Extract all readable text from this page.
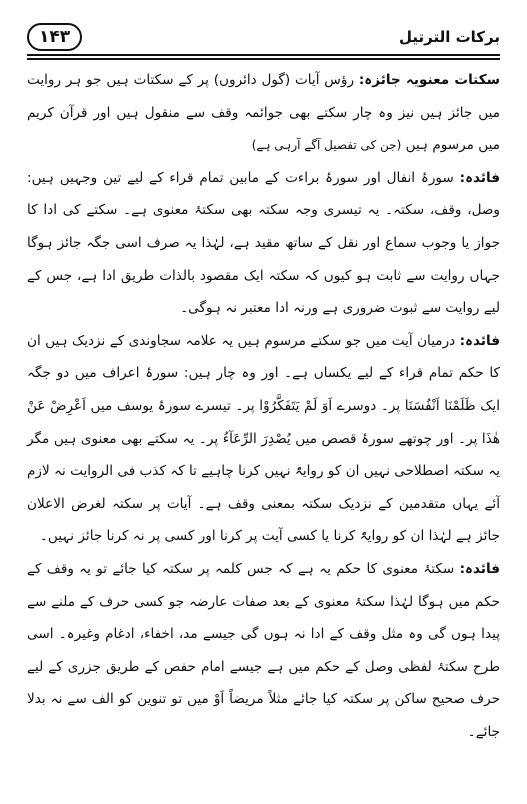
۱۴۳	برکات الترتیل

سکتات معنویہ جائزہ: رؤس آیات (گول دائروں) پر کے سکتات ہیں جو ہر روایت میں جائز ہیں نیز وہ چار سکتے بھی جوائمہ وقف سے منقول ہیں اور قرآن کریم میں مرسوم ہیں (جن کی تفصیل آگے آرہی ہے)

فائدہ: سورۂ انفال اور سورۂ براءت کے مابین تمام قراء کے لیے تین وجہیں ہیں: وصل، وقف، سکتہ۔ یہ تیسری وجہ سکتہ بھی سکتۂ معنوی ہے۔ سکتے کی ادا کا جواز یا وجوب سماع اور نقل کے ساتھ مقید ہے، لہٰذا یہ صرف اسی جگہ جائز ہوگا جہاں روایت سے ثابت ہو کیوں کہ سکتہ ایک مقصود بالذات طریق ادا ہے، جس کے لیے روایت سے ثبوت ضروری ہے ورنہ ادا معتبر نہ ہوگی۔

فائدہ: درمیان آیت میں جو سکتے مرسوم ہیں یہ علامہ سجاوندی کے نزدیک ہیں ان کا حکم تمام قراء کے لیے یکساں ہے۔ اور وہ چار ہیں: سورۂ اعراف میں دو جگہ ایک ظَلَمْنَا اَنْفُسَنَا پر۔ دوسرے اَوَ لَمْ یَتَفَکَّرُوْا پر۔ تیسرے سورۂ یوسف میں اَعْرِضْ عَنْ هٰذَا پر۔ اور چوتھے سورۂ قصص میں یُصْدِرَ الرِّعَآءُ پر۔ یہ سکتے بھی معنوی ہیں مگر یہ سکتہ اصطلاحی نہیں ان کو روایۃً نہیں کرنا چاہیے تا کہ کذب فی الروایت نہ لازم آئے یہاں متقدمین کے نزدیک سکتہ بمعنی وقف ہے۔ آیات پر سکتہ لغرض الاعلان جائز ہے لہٰذا ان کو روایۃً کرنا یا کسی آیت پر کرنا اور کسی پر نہ کرنا جائز نہیں۔

فائدہ: سکتۂ معنوی کا حکم یہ ہے کہ جس کلمہ پر سکتہ کیا جائے تو یہ وقف کے حکم میں ہوگا لہٰذا سکتۂ معنوی کے بعد صفات عارضہ جو کسی حرف کے ملنے سے پیدا ہوں گی وہ مثل وقف کے ادا نہ ہوں گی جیسے مد، اخفاء، ادغام وغیرہ۔ اسی طرح سکتۂ لفظی وصل کے حکم میں ہے جیسے امام حفص کے طریق جزری کے لیے حرف صحیح ساکن پر سکتہ کیا جائے مثلاً مریضاً اَوْ میں تو تنوین کو الف سے نہ بدلا جائے۔
